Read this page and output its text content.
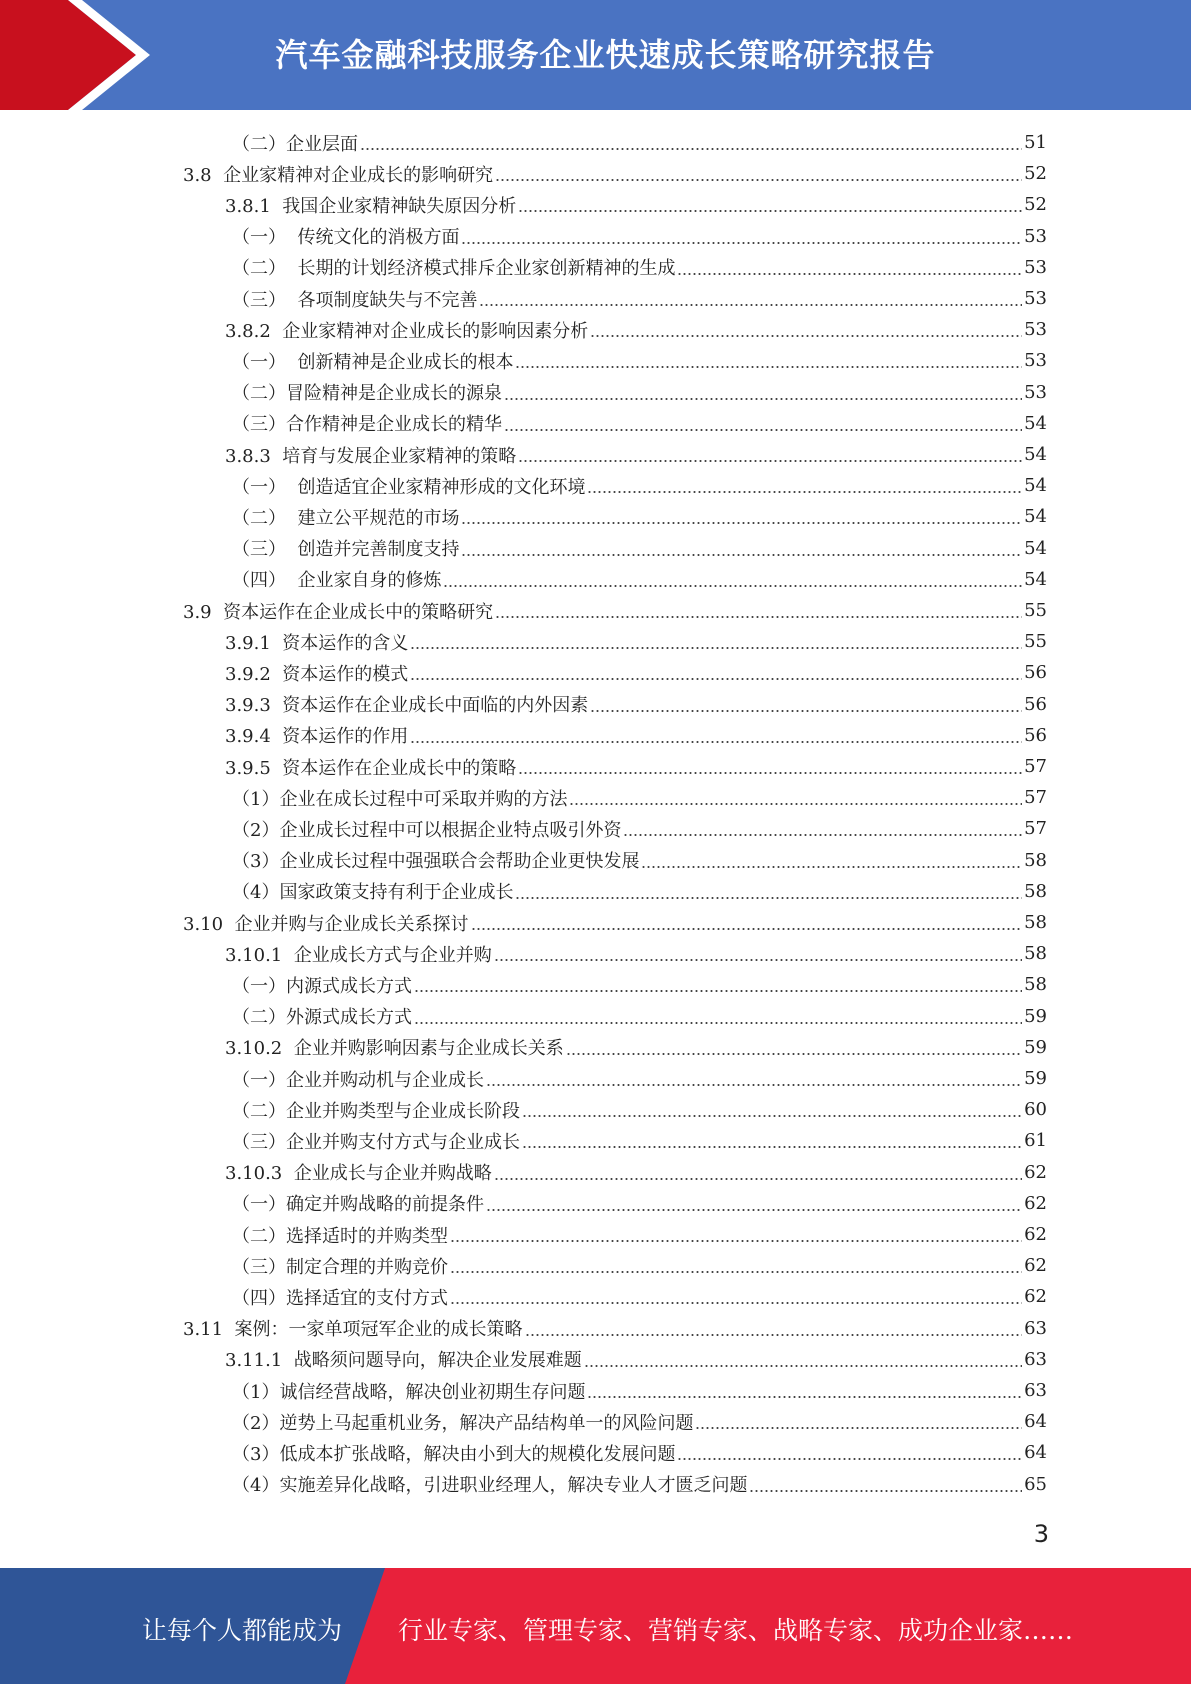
汽车金融科技服务企业快速成长策略研究报告
（二）企业层面	51
3.8  企业家精神对企业成长的影响研究	52
3.8.1  我国企业家精神缺失原因分析	52
（一）  传统文化的消极方面	53
（二）  长期的计划经济模式排斥企业家创新精神的生成	53
（三）  各项制度缺失与不完善	53
3.8.2  企业家精神对企业成长的影响因素分析	53
（一）  创新精神是企业成长的根本	53
（二）冒险精神是企业成长的源泉	53
（三）合作精神是企业成长的精华	54
3.8.3  培育与发展企业家精神的策略	54
（一）  创造适宜企业家精神形成的文化环境	54
（二）  建立公平规范的市场	54
（三）  创造并完善制度支持	54
（四）  企业家自身的修炼	54
3.9  资本运作在企业成长中的策略研究	55
3.9.1  资本运作的含义	55
3.9.2  资本运作的模式	56
3.9.3  资本运作在企业成长中面临的内外因素	56
3.9.4  资本运作的作用	56
3.9.5  资本运作在企业成长中的策略	57
（1）企业在成长过程中可采取并购的方法	57
（2）企业成长过程中可以根据企业特点吸引外资	57
（3）企业成长过程中强强联合会帮助企业更快发展	58
（4）国家政策支持有利于企业成长	58
3.10  企业并购与企业成长关系探讨	58
3.10.1  企业成长方式与企业并购	58
（一）内源式成长方式	58
（二）外源式成长方式	59
3.10.2  企业并购影响因素与企业成长关系	59
（一）企业并购动机与企业成长	59
（二）企业并购类型与企业成长阶段	60
（三）企业并购支付方式与企业成长	61
3.10.3  企业成长与企业并购战略	62
（一）确定并购战略的前提条件	62
（二）选择适时的并购类型	62
（三）制定合理的并购竞价	62
（四）选择适宜的支付方式	62
3.11  案例：一家单项冠军企业的成长策略	63
3.11.1  战略须问题导向，解决企业发展难题	63
（1）诚信经营战略，解决创业初期生存问题	63
（2）逆势上马起重机业务，解决产品结构单一的风险问题	64
（3）低成本扩张战略，解决由小到大的规模化发展问题	64
（4）实施差异化战略，引进职业经理人，解决专业人才匮乏问题	65
3
让每个人都能成为 行业专家、管理专家、营销专家、战略专家、成功企业家……
